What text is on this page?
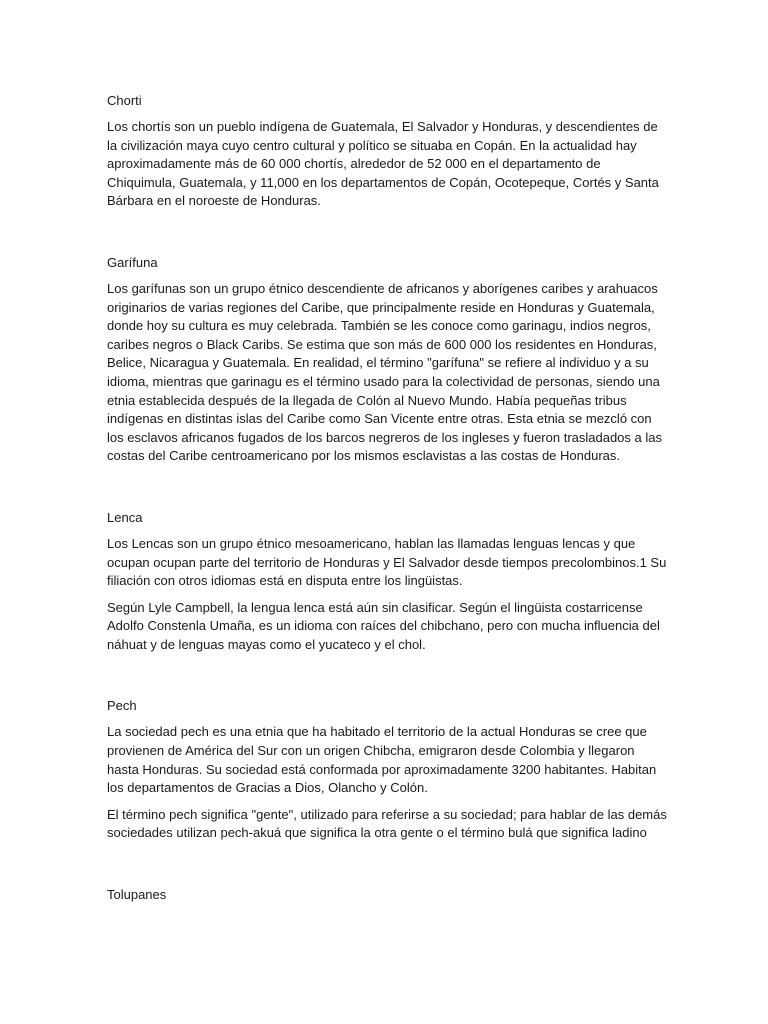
Chorti

Los chortís son un pueblo indígena de Guatemala, El Salvador y Honduras, y descendientes de la civilización maya cuyo centro cultural y político se situaba en Copán. En la actualidad hay aproximadamente más de 60 000 chortís, alrededor de 52 000 en el departamento de Chiquimula, Guatemala, y 11,000 en los departamentos de Copán, Ocotepeque, Cortés y Santa Bárbara en el noroeste de Honduras.

Garífuna

Los garífunas son un grupo étnico descendiente de africanos y aborígenes caribes y arahuacos originarios de varias regiones del Caribe, que principalmente reside en Honduras y Guatemala, donde hoy su cultura es muy celebrada. También se les conoce como garinagu, indios negros, caribes negros o Black Caribs. Se estima que son más de 600 000 los residentes en Honduras, Belice, Nicaragua y Guatemala. En realidad, el término "garífuna" se refiere al individuo y a su idioma, mientras que garinagu es el término usado para la colectividad de personas, siendo una etnia establecida después de la llegada de Colón al Nuevo Mundo. Había pequeñas tribus indígenas en distintas islas del Caribe como San Vicente entre otras. Esta etnia se mezcló con los esclavos africanos fugados de los barcos negreros de los ingleses y fueron trasladados a las costas del Caribe centroamericano por los mismos esclavistas a las costas de Honduras.

Lenca

Los Lencas son un grupo étnico mesoamericano, hablan las llamadas lenguas lencas y que ocupan ocupan parte del territorio de Honduras y El Salvador desde tiempos precolombinos.1 Su filiación con otros idiomas está en disputa entre los lingüistas.

Según Lyle Campbell, la lengua lenca está aún sin clasificar. Según el lingüista costarricense Adolfo Constenla Umaña, es un idioma con raíces del chibchano, pero con mucha influencia del náhuat y de lenguas mayas como el yucateco y el chol.

Pech

La sociedad pech es una etnia que ha habitado el territorio de la actual Honduras se cree que provienen de América del Sur con un origen Chibcha, emigraron desde Colombia y llegaron hasta Honduras. Su sociedad está conformada por aproximadamente 3200 habitantes. Habitan los departamentos de Gracias a Dios, Olancho y Colón.

El término pech significa "gente", utilizado para referirse a su sociedad; para hablar de las demás sociedades utilizan pech-akuá que significa la otra gente o el término bulá que significa ladino

Tolupanes
